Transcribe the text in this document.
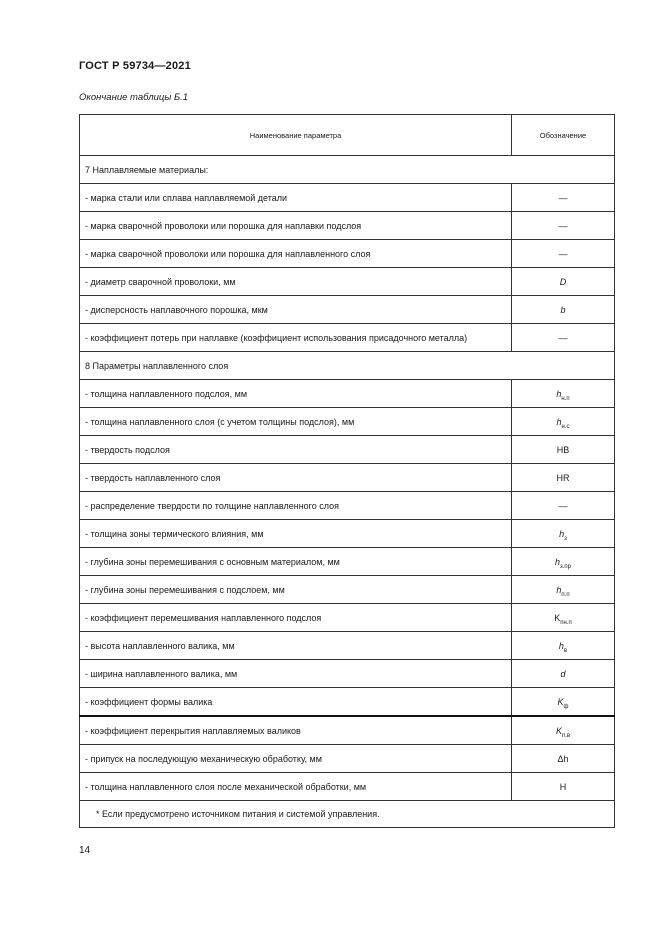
ГОСТ Р 59734—2021
Окончание таблицы Б.1
Наименование параметра	Обозначение
7 Наплавляемые материалы:	
- марка стали или сплава наплавляемой детали	—
- марка сварочной проволоки или порошка для наплавки подслоя	—
- марка сварочной проволоки или порошка для наплавленного слоя	—
- диаметр сварочной проволоки, мм	D
- дисперсность наплавочного порошка, мкм	b
- коэффициент потерь при наплавке (коэффициент использования присадочного металла)	—
8 Параметры наплавленного слоя	
- толщина наплавленного подслоя, мм	$h_{н.п}$
- толщина наплавленного слоя (с учетом толщины подслоя), мм	$h_{н.с}$
- твердость подслоя	HB
- твердость наплавленного слоя	HR
- распределение твердости по толщине наплавленного слоя	—
- толщина зоны термического влияния, мм	$h_з$
- глубина зоны перемешивания с основным материалом, мм	$h_{з.пр}$
- глубина зоны перемешивания с подслоем, мм	$h_{п.п}$
- коэффициент перемешивания наплавленного подслоя	$K_{пн.п}$
- высота наплавленного валика, мм	$h_в$
- ширина наплавленного валика, мм	d
- коэффициент формы валика	$K_ф$
- коэффициент перекрытия наплавляемых валиков	$K_{п.в}$
- припуск на последующую механическую обработку, мм	Δh
- толщина наплавленного слоя после механической обработки, мм	H
* Если предусмотрено источником питания и системой управления.	
14
